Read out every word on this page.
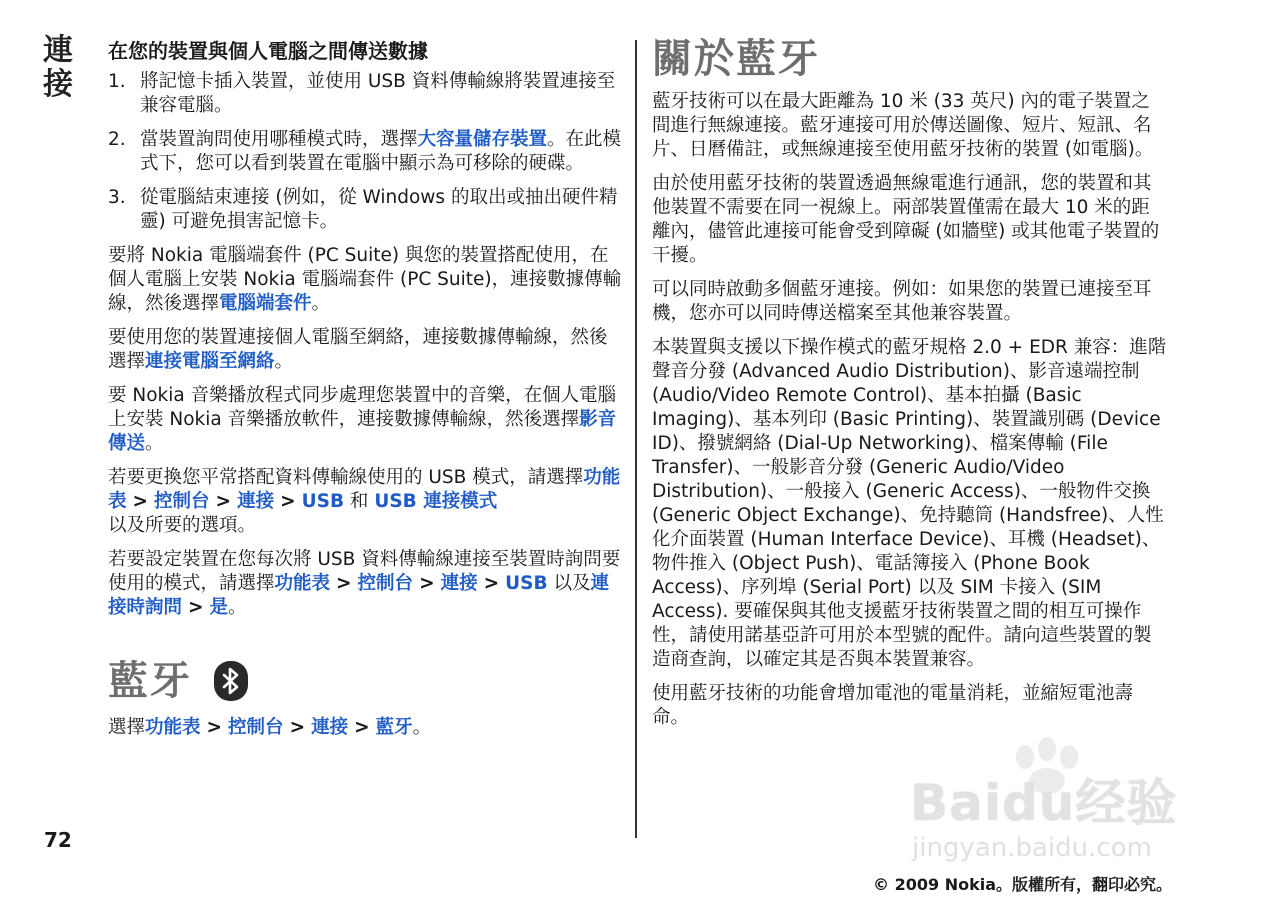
連
接
在您的裝置與個人電腦之間傳送數據
1. 將記憶卡插入裝置，並使用 USB 資料傳輸線將裝置連接至兼容電腦。
2. 當裝置詢問使用哪種模式時，選擇大容量儲存裝置。在此模式下，您可以看到裝置在電腦中顯示為可移除的硬碟。
3. 從電腦結束連接 (例如，從 Windows 的取出或抽出硬件精靈) 可避免損害記憶卡。

要將 Nokia 電腦端套件 (PC Suite) 與您的裝置搭配使用，在個人電腦上安裝 Nokia 電腦端套件 (PC Suite)，連接數據傳輸線，然後選擇電腦端套件。

要使用您的裝置連接個人電腦至網絡，連接數據傳輸線，然後選擇連接電腦至網絡。

要 Nokia 音樂播放程式同步處理您裝置中的音樂，在個人電腦上安裝 Nokia 音樂播放軟件，連接數據傳輸線，然後選擇影音傳送。

若要更換您平常搭配資料傳輸線使用的 USB 模式，請選擇功能表 > 控制台 > 連接 > USB 和 USB 連接模式
以及所要的選項。

若要設定裝置在您每次將 USB 資料傳輸線連接至裝置時詢問要使用的模式，請選擇功能表 > 控制台 > 連接 > USB 以及連接時詢問 > 是。

藍牙

選擇功能表 > 控制台 > 連接 > 藍牙。

關於藍牙

藍牙技術可以在最大距離為 10 米 (33 英尺) 內的電子裝置之間進行無線連接。藍牙連接可用於傳送圖像、短片、短訊、名片、日曆備註，或無線連接至使用藍牙技術的裝置 (如電腦)。

由於使用藍牙技術的裝置透過無線電進行通訊，您的裝置和其他裝置不需要在同一視線上。兩部裝置僅需在最大 10 米的距離內，儘管此連接可能會受到障礙 (如牆壁) 或其他電子裝置的干擾。

可以同時啟動多個藍牙連接。例如：如果您的裝置已連接至耳機，您亦可以同時傳送檔案至其他兼容裝置。

本裝置與支援以下操作模式的藍牙規格 2.0 + EDR 兼容：進階聲音分發 (Advanced Audio Distribution)、影音遠端控制 (Audio/Video Remote Control)、基本拍攝 (Basic Imaging)、基本列印 (Basic Printing)、裝置識別碼 (Device ID)、撥號網絡 (Dial-Up Networking)、檔案傳輸 (File Transfer)、一般影音分發 (Generic Audio/Video Distribution)、一般接入 (Generic Access)、一般物件交換 (Generic Object Exchange)、免持聽筒 (Handsfree)、人性化介面裝置 (Human Interface Device)、耳機 (Headset)、物件推入 (Object Push)、電話簿接入 (Phone Book Access)、序列埠 (Serial Port) 以及 SIM 卡接入 (SIM Access). 要確保與其他支援藍牙技術裝置之間的相互可操作性，請使用諾基亞許可用於本型號的配件。請向這些裝置的製造商查詢，以確定其是否與本裝置兼容。

使用藍牙技術的功能會增加電池的電量消耗，並縮短電池壽命。

72
© 2009 Nokia。版權所有，翻印必究。
Baidu经验
jingyan.baidu.com
